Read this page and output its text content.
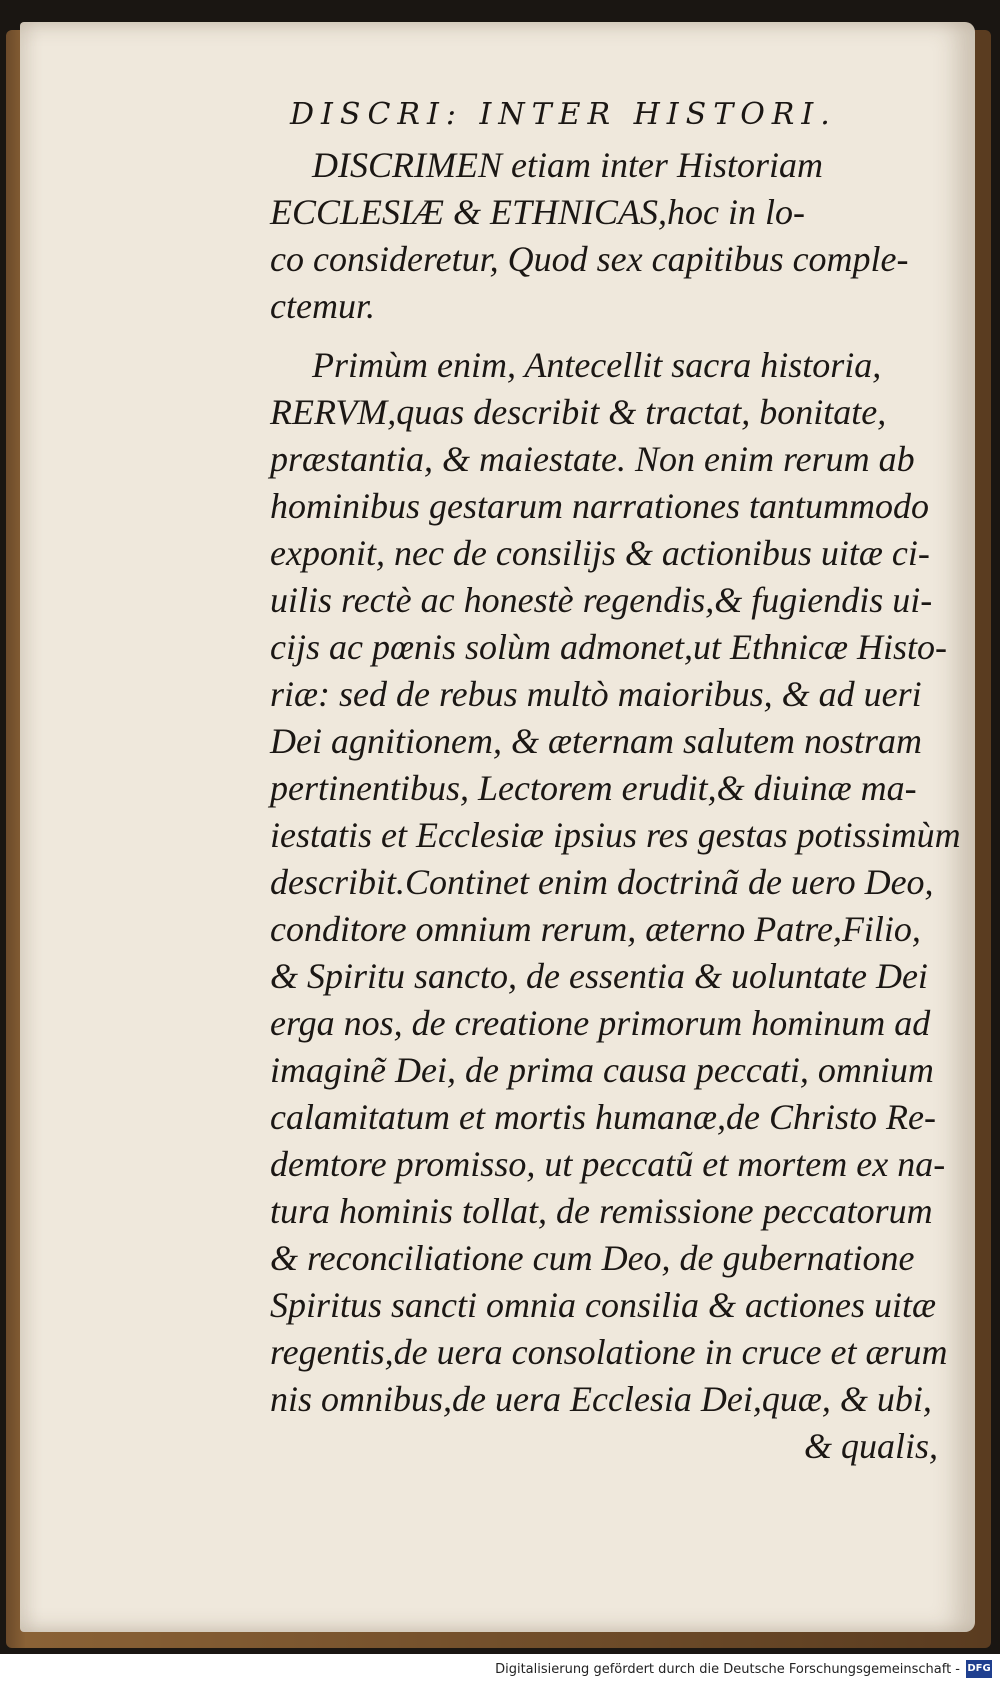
DISCRI: INTER HISTORI.
DISCRIMEN etiam inter Historiam
ECCLESIÆ & ETHNICAS,hoc in lo-
co consideretur, Quod sex capitibus comple-
ctemur.
Primùm enim, Antecellit sacra historia,
RERVM,quas describit & tractat, bonitate,
præstantia, & maiestate. Non enim rerum ab
hominibus gestarum narrationes tantummodo
exponit, nec de consilijs & actionibus uitæ ci-
uilis rectè ac honestè regendis,& fugiendis ui-
cijs ac pœnis solùm admonet,ut Ethnicæ Histo-
riæ: sed de rebus multò maioribus, & ad ueri
Dei agnitionem, & æternam salutem nostram
pertinentibus, Lectorem erudit,& diuinæ ma-
iestatis et Ecclesiæ ipsius res gestas potissimùm
describit.Continet enim doctrinã de uero Deo,
conditore omnium rerum, æterno Patre,Filio,
& Spiritu sancto, de essentia & uoluntate Dei
erga nos, de creatione primorum hominum ad
imaginẽ Dei, de prima causa peccati, omnium
calamitatum et mortis humanæ,de Christo Re-
demtore promisso, ut peccatũ et mortem ex na-
tura hominis tollat, de remissione peccatorum
& reconciliatione cum Deo, de gubernatione
Spiritus sancti omnia consilia & actiones uitæ
regentis,de uera consolatione in cruce et ærum
nis omnibus,de uera Ecclesia Dei,quæ, & ubi,
& qualis,
Digitalisierung gefördert durch die Deutsche Forschungsgemeinschaft - DFG
